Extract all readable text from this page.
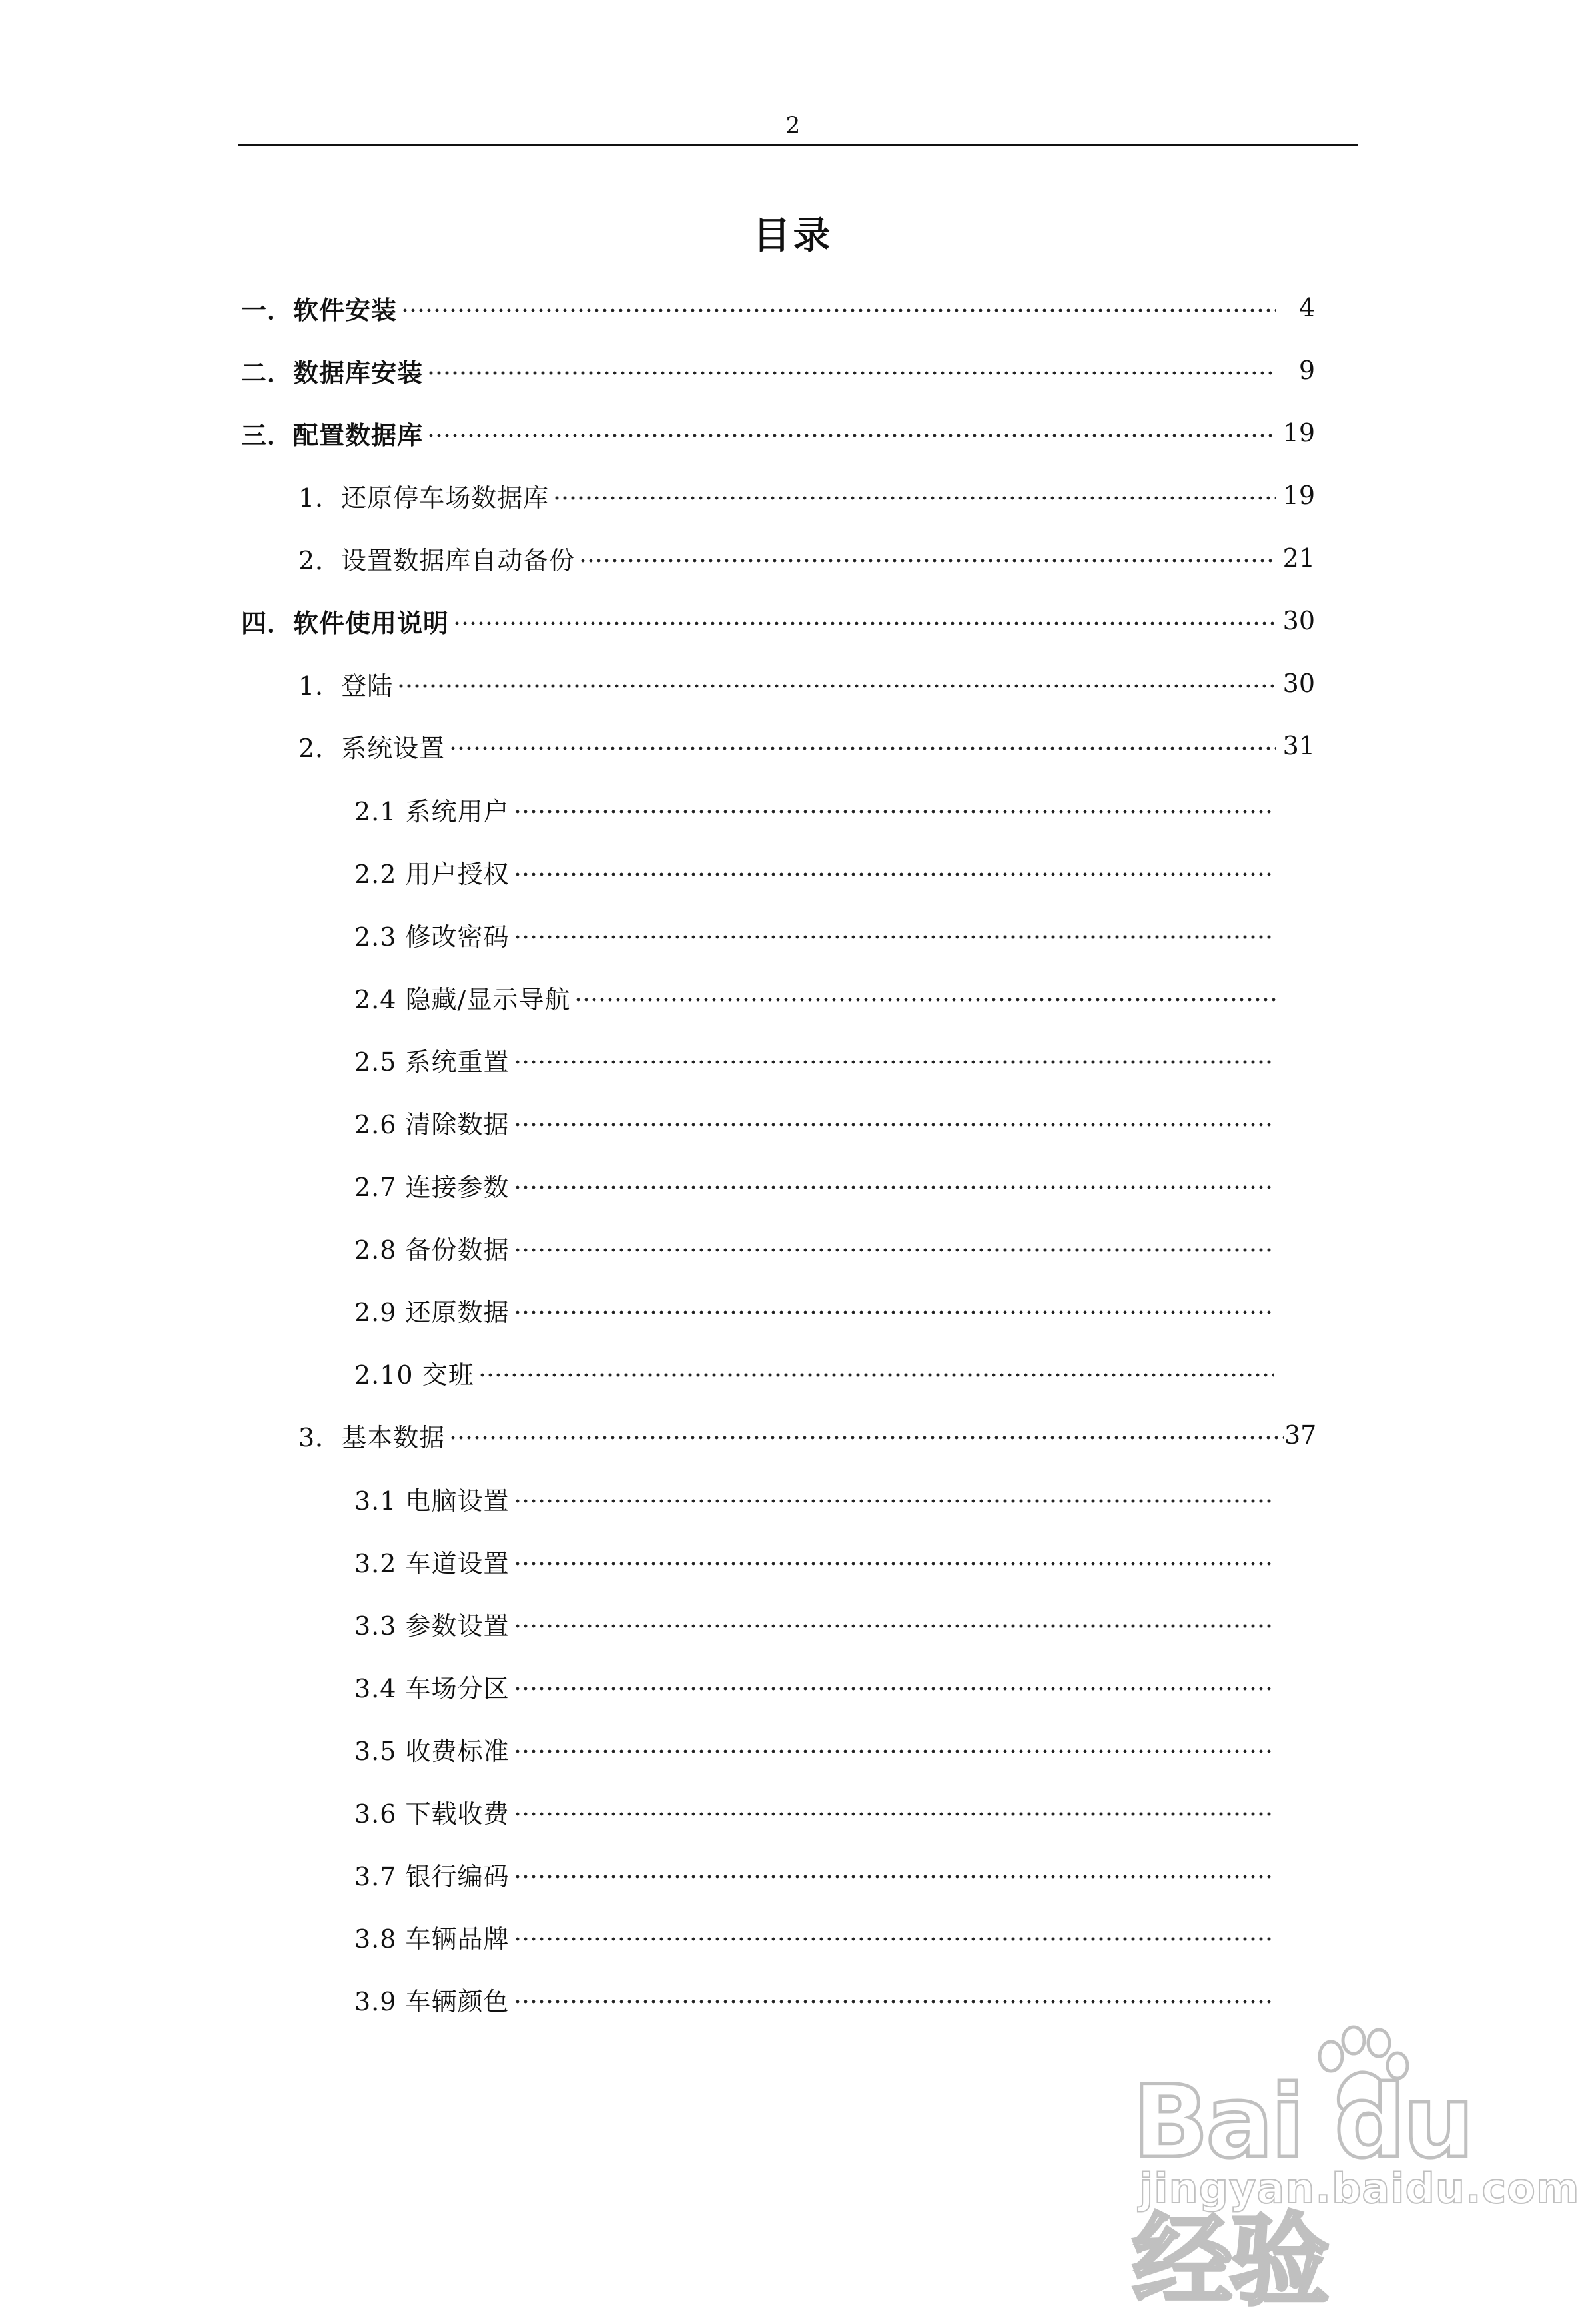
2
目录
一．软件安装	4
二．数据库安装	9
三．配置数据库	19
1．还原停车场数据库	19
2．设置数据库自动备份	21
四．软件使用说明	30
1．登陆	30
2．系统设置	31
2.1 系统用户
2.2 用户授权
2.3 修改密码
2.4 隐藏/显示导航
2.5 系统重置
2.6 清除数据
2.7 连接参数
2.8 备份数据
2.9 还原数据
2.10 交班
3．基本数据	37
3.1 电脑设置
3.2 车道设置
3.3 参数设置
3.4 车场分区
3.5 收费标准
3.6 下载收费
3.7 银行编码
3.8 车辆品牌
3.9 车辆颜色
Bai du 经验
jingyan.baidu.com
